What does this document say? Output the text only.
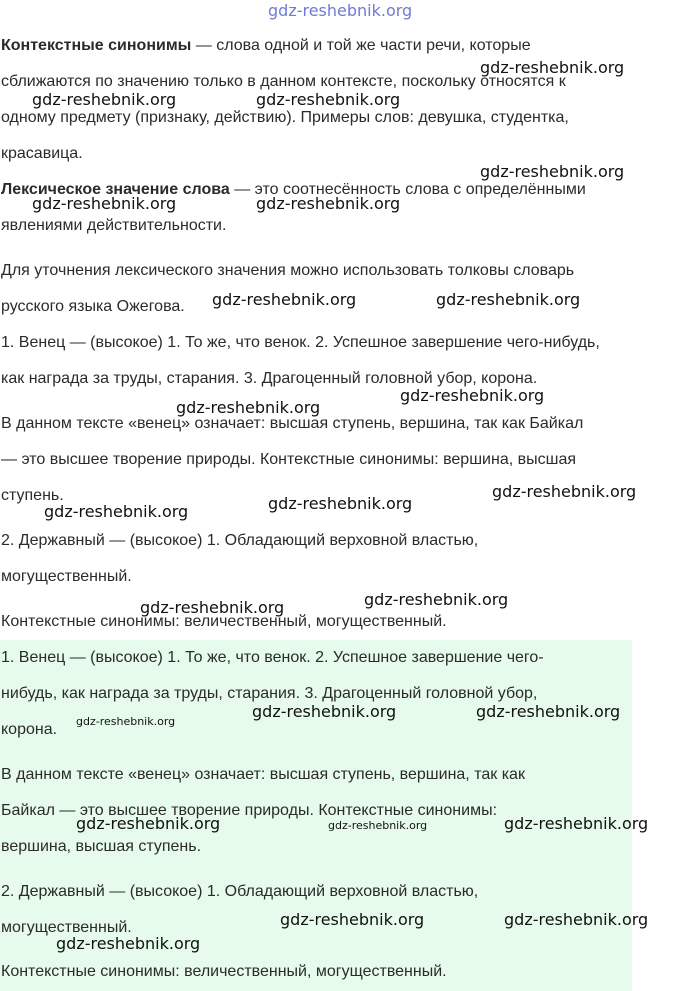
gdz-reshebnik.org
Контекстные синонимы — слова одной и той же части речи, которые
сближаются по значению только в данном контексте, поскольку относятся к
одному предмету (признаку, действию). Примеры слов: девушка, студентка,
красавица.
Лексическое значение слова — это соотнесённость слова с определёнными
явлениями действительности.
Для уточнения лексического значения можно использовать толковы словарь
русского языка Ожегова.
1. Венец — (высокое) 1. То же, что венок. 2. Успешное завершение чего-нибудь,
как награда за труды, старания. 3. Драгоценный головной убор, корона.
В данном тексте «венец» означает: высшая ступень, вершина, так как Байкал
— это высшее творение природы. Контекстные синонимы: вершина, высшая
ступень.
2. Державный — (высокое) 1. Обладающий верховной властью,
могущественный.
Контекстные синонимы: величественный, могущественный.
1. Венец — (высокое) 1. То же, что венок. 2. Успешное завершение чего-
нибудь, как награда за труды, старания. 3. Драгоценный головной убор,
корона.
В данном тексте «венец» означает: высшая ступень, вершина, так как
Байкал — это высшее творение природы. Контекстные синонимы:
вершина, высшая ступень.
2. Державный — (высокое) 1. Обладающий верховной властью,
могущественный.
Контекстные синонимы: величественный, могущественный.
gdz-reshebnik.org
gdz-reshebnik.org	gdz-reshebnik.org
gdz-reshebnik.org
gdz-reshebnik.org	gdz-reshebnik.org
gdz-reshebnik.org	gdz-reshebnik.org
gdz-reshebnik.org
gdz-reshebnik.org
gdz-reshebnik.org
gdz-reshebnik.org
gdz-reshebnik.org
gdz-reshebnik.org
gdz-reshebnik.org
gdz-reshebnik.org
gdz-reshebnik.org	gdz-reshebnik.org
gdz-reshebnik.org	gdz-reshebnik.org	gdz-reshebnik.org
gdz-reshebnik.org	gdz-reshebnik.org
gdz-reshebnik.org
